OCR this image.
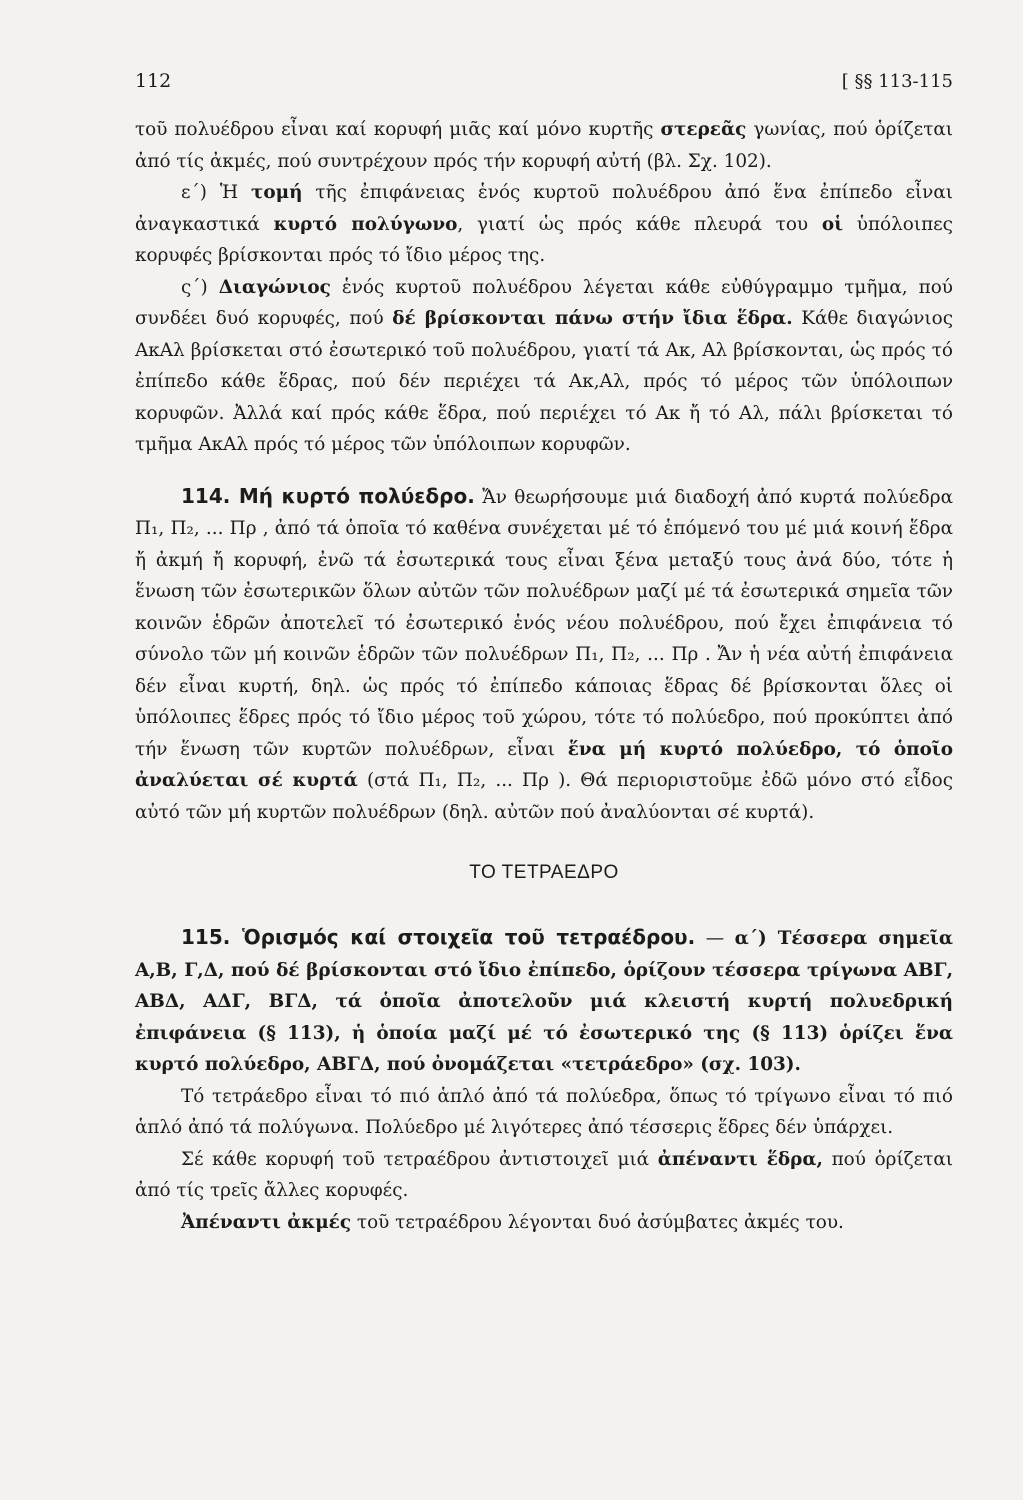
112	[ §§ 113-115

τοῦ πολυέδρου εἶναι καί κορυφή μιᾶς καί μόνο κυρτῆς στερεᾶς γωνίας, πού ὁρίζεται ἀπό τίς ἀκμές, πού συντρέχουν πρός τήν κορυφή αὐτή (βλ. Σχ. 102).

ε΄) Ἡ τομή τῆς ἐπιφάνειας ἑνός κυρτοῦ πολυέδρου ἀπό ἕνα ἐπίπεδο εἶναι ἀναγκαστικά κυρτό πολύγωνο, γιατί ὡς πρός κάθε πλευρά του οἱ ὑπόλοιπες κορυφές βρίσκονται πρός τό ἴδιο μέρος της.

ς΄) Διαγώνιος ἑνός κυρτοῦ πολυέδρου λέγεται κάθε εὐθύγραμμο τμῆμα, πού συνδέει δυό κορυφές, πού δέ βρίσκονται πάνω στήν ἴδια ἕδρα. Κάθε διαγώνιος ΑκΑλ βρίσκεται στό ἐσωτερικό τοῦ πολυέδρου, γιατί τά Ακ, Αλ βρίσκονται, ὡς πρός τό ἐπίπεδο κάθε ἕδρας, πού δέν περιέχει τά Ακ,Αλ, πρός τό μέρος τῶν ὑπόλοιπων κορυφῶν. Ἀλλά καί πρός κάθε ἕδρα, πού περιέχει τό Ακ ἤ τό Αλ, πάλι βρίσκεται τό τμῆμα ΑκΑλ πρός τό μέρος τῶν ὑπόλοιπων κορυφῶν.

114. Μή κυρτό πολύεδρο. Ἄν θεωρήσουμε μιά διαδοχή ἀπό κυρτά πολύεδρα Π₁, Π₂, ... Πρ , ἀπό τά ὁποῖα τό καθένα συνέχεται μέ τό ἑπόμενό του μέ μιά κοινή ἕδρα ἤ ἀκμή ἤ κορυφή, ἐνῶ τά ἐσωτερικά τους εἶναι ξένα μεταξύ τους ἀνά δύο, τότε ἡ ἕνωση τῶν ἐσωτερικῶν ὅλων αὐτῶν τῶν πολυέδρων μαζί μέ τά ἐσωτερικά σημεῖα τῶν κοινῶν ἑδρῶν ἀποτελεῖ τό ἐσωτερικό ἑνός νέου πολυέδρου, πού ἔχει ἐπιφάνεια τό σύνολο τῶν μή κοινῶν ἑδρῶν τῶν πολυέδρων Π₁, Π₂, ... Πρ . Ἄν ἡ νέα αὐτή ἐπιφάνεια δέν εἶναι κυρτή, δηλ. ὡς πρός τό ἐπίπεδο κάποιας ἕδρας δέ βρίσκονται ὅλες οἱ ὑπόλοιπες ἕδρες πρός τό ἴδιο μέρος τοῦ χώρου, τότε τό πολύεδρο, πού προκύπτει ἀπό τήν ἕνωση τῶν κυρτῶν πολυέδρων, εἶναι ἕνα μή κυρτό πολύεδρο, τό ὁποῖο ἀναλύεται σέ κυρτά (στά Π₁, Π₂, ... Πρ ). Θά περιοριστοῦμε ἐδῶ μόνο στό εἶδος αὐτό τῶν μή κυρτῶν πολυέδρων (δηλ. αὐτῶν πού ἀναλύονται σέ κυρτά).

ΤΟ ΤΕΤΡΑΕΔΡΟ

115. Ὁρισμός καί στοιχεῖα τοῦ τετραέδρου. — α΄) Τέσσερα σημεῖα Α,Β, Γ,Δ, πού δέ βρίσκονται στό ἴδιο ἐπίπεδο, ὁρίζουν τέσσερα τρίγωνα ΑΒΓ, ΑΒΔ, ΑΔΓ, ΒΓΔ, τά ὁποῖα ἀποτελοῦν μιά κλειστή κυρτή πολυεδρική ἐπιφάνεια (§ 113), ἡ ὁποία μαζί μέ τό ἐσωτερικό της (§ 113) ὁρίζει ἕνα κυρτό πολύεδρο, ΑΒΓΔ, πού ὀνομάζεται «τετράεδρο» (σχ. 103).

Τό τετράεδρο εἶναι τό πιό ἁπλό ἀπό τά πολύεδρα, ὅπως τό τρίγωνο εἶναι τό πιό ἁπλό ἀπό τά πολύγωνα. Πολύεδρο μέ λιγότερες ἀπό τέσσερις ἕδρες δέν ὑπάρχει.

Σέ κάθε κορυφή τοῦ τετραέδρου ἀντιστοιχεῖ μιά ἀπέναντι ἕδρα, πού ὁρίζεται ἀπό τίς τρεῖς ἄλλες κορυφές.

Ἀπέναντι ἀκμές τοῦ τετραέδρου λέγονται δυό ἀσύμβατες ἀκμές του.
